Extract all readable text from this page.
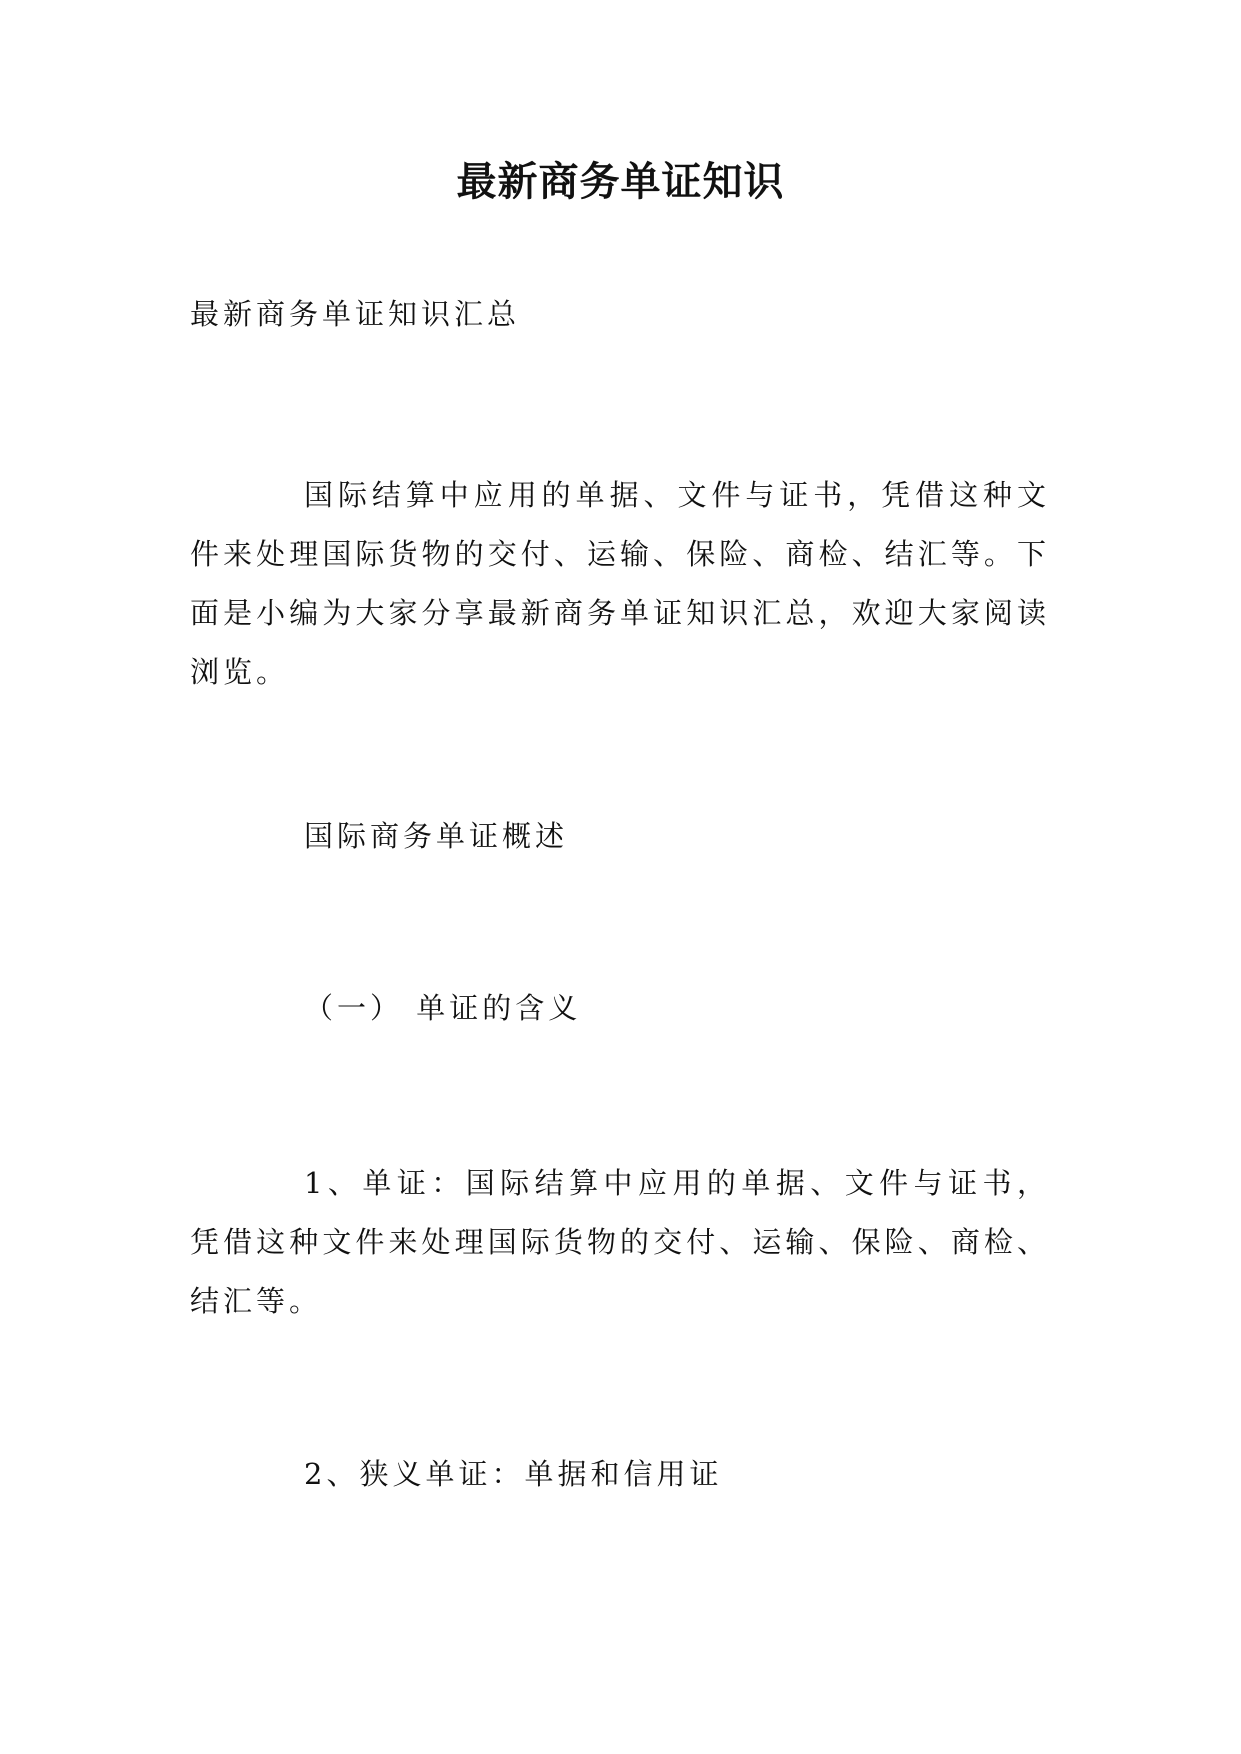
最新商务单证知识
最新商务单证知识汇总
国际结算中应用的单据、文件与证书，凭借这种文件来处理国际货物的交付、运输、保险、商检、结汇等。下面是小编为大家分享最新商务单证知识汇总，欢迎大家阅读浏览。
国际商务单证概述
（一） 单证的含义
1、单证：国际结算中应用的单据、文件与证书，凭借这种文件来处理国际货物的交付、运输、保险、商检、结汇等。
2、狭义单证：单据和信用证
